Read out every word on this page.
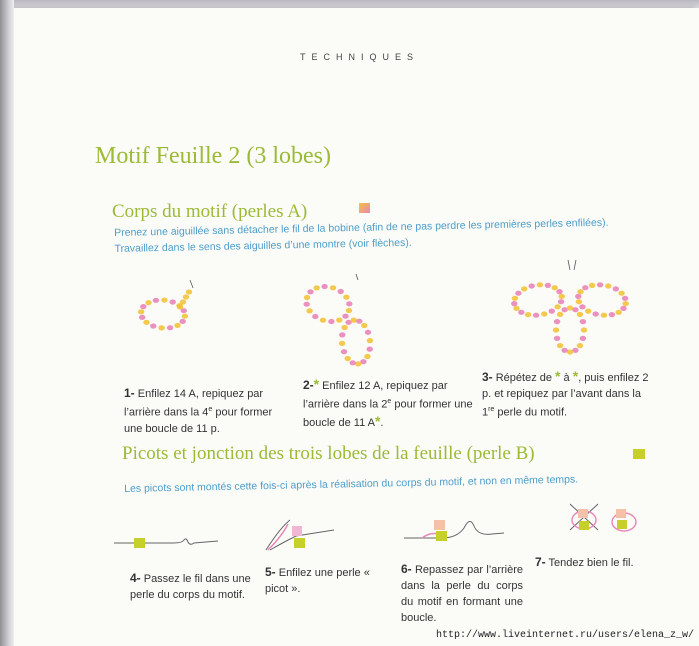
TECHNIQUES
Motif Feuille 2 (3 lobes)
Corps du motif (perles A)
Prenez une aiguillée sans détacher le fil de la bobine (afin de ne pas perdre les premières perles enfilées). Travaillez dans le sens des aiguilles d’une montre (voir flèches).
1- Enfilez 14 A, repiquez par l’arrière dans la 4e pour former une boucle de 11 p.
2-* Enfilez 12 A, repiquez par l’arrière dans la 2e pour former une boucle de 11 A*.
3- Répétez de * à *, puis enfilez 2 p. et repiquez par l’avant dans la 1re perle du motif.
Picots et jonction des trois lobes de la feuille (perle B)
Les picots sont montés cette fois-ci après la réalisation du corps du motif, et non en même temps.
4- Passez le fil dans une perle du corps du motif.
5- Enfilez une perle « picot ».
6- Repassez par l’arrière dans la perle du corps du motif en formant une boucle.
7- Tendez bien le fil.
http://www.liveinternet.ru/users/elena_z_w/
